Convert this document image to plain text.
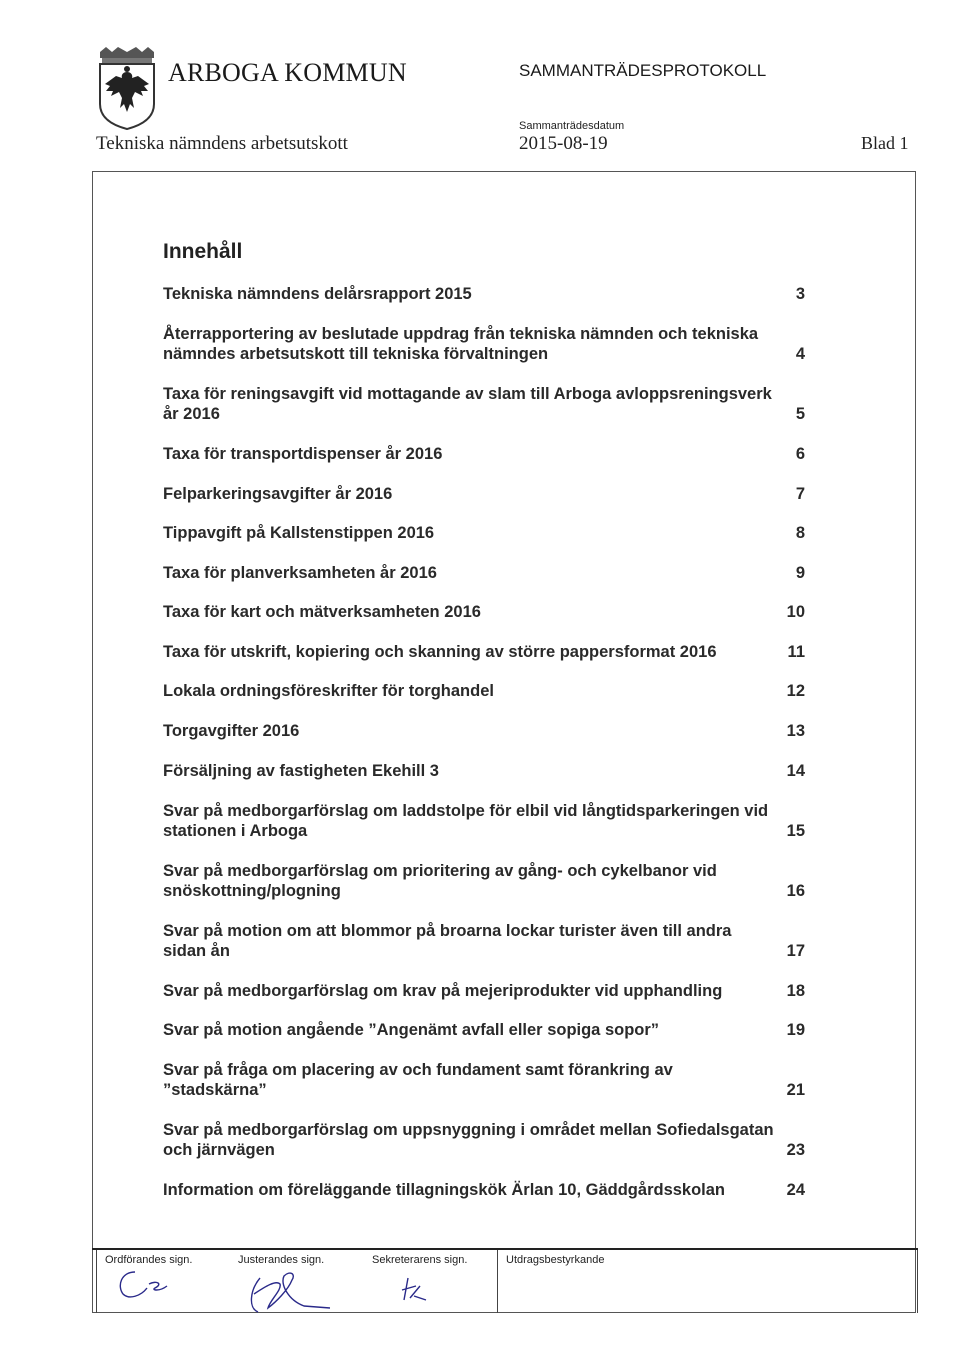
ARBOGA KOMMUN	SAMMANTRÄDESPROTOKOLL
Sammanträdesdatum
Tekniska nämndens arbetsutskott	2015-08-19	Blad 1
Innehåll
Tekniska nämndens delårsrapport 2015	3
Återrapportering av beslutade uppdrag från tekniska nämnden och tekniska nämndes arbetsutskott till tekniska förvaltningen	4
Taxa för reningsavgift vid mottagande av slam till Arboga avloppsreningsverk år 2016	5
Taxa för transportdispenser år 2016	6
Felparkeringsavgifter år 2016	7
Tippavgift på Kallstenstippen 2016	8
Taxa för planverksamheten år 2016	9
Taxa för kart och mätverksamheten 2016	10
Taxa för utskrift, kopiering och skanning av större pappersformat 2016	11
Lokala ordningsföreskrifter för torghandel	12
Torgavgifter 2016	13
Försäljning av fastigheten Ekehill 3	14
Svar på medborgarförslag om laddstolpe för elbil vid långtidsparkeringen vid stationen i Arboga	15
Svar på medborgarförslag om prioritering av gång- och cykelbanor vid snöskottning/plogning	16
Svar på motion om att blommor på broarna lockar turister även till andra sidan ån	17
Svar på medborgarförslag om krav på mejeriprodukter vid upphandling	18
Svar på motion angående ”Angenämt avfall eller sopiga sopor”	19
Svar på fråga om placering av och fundament samt förankring av ”stadskärna”	21
Svar på medborgarförslag om uppsnyggning i området mellan Sofiedalsgatan och järnvägen	23
Information om föreläggande tillagningskök Ärlan 10, Gäddgårdsskolan	24
Ordförandes sign.	Justerandes sign.	Sekreterarens sign.	Utdragsbestyrkande
